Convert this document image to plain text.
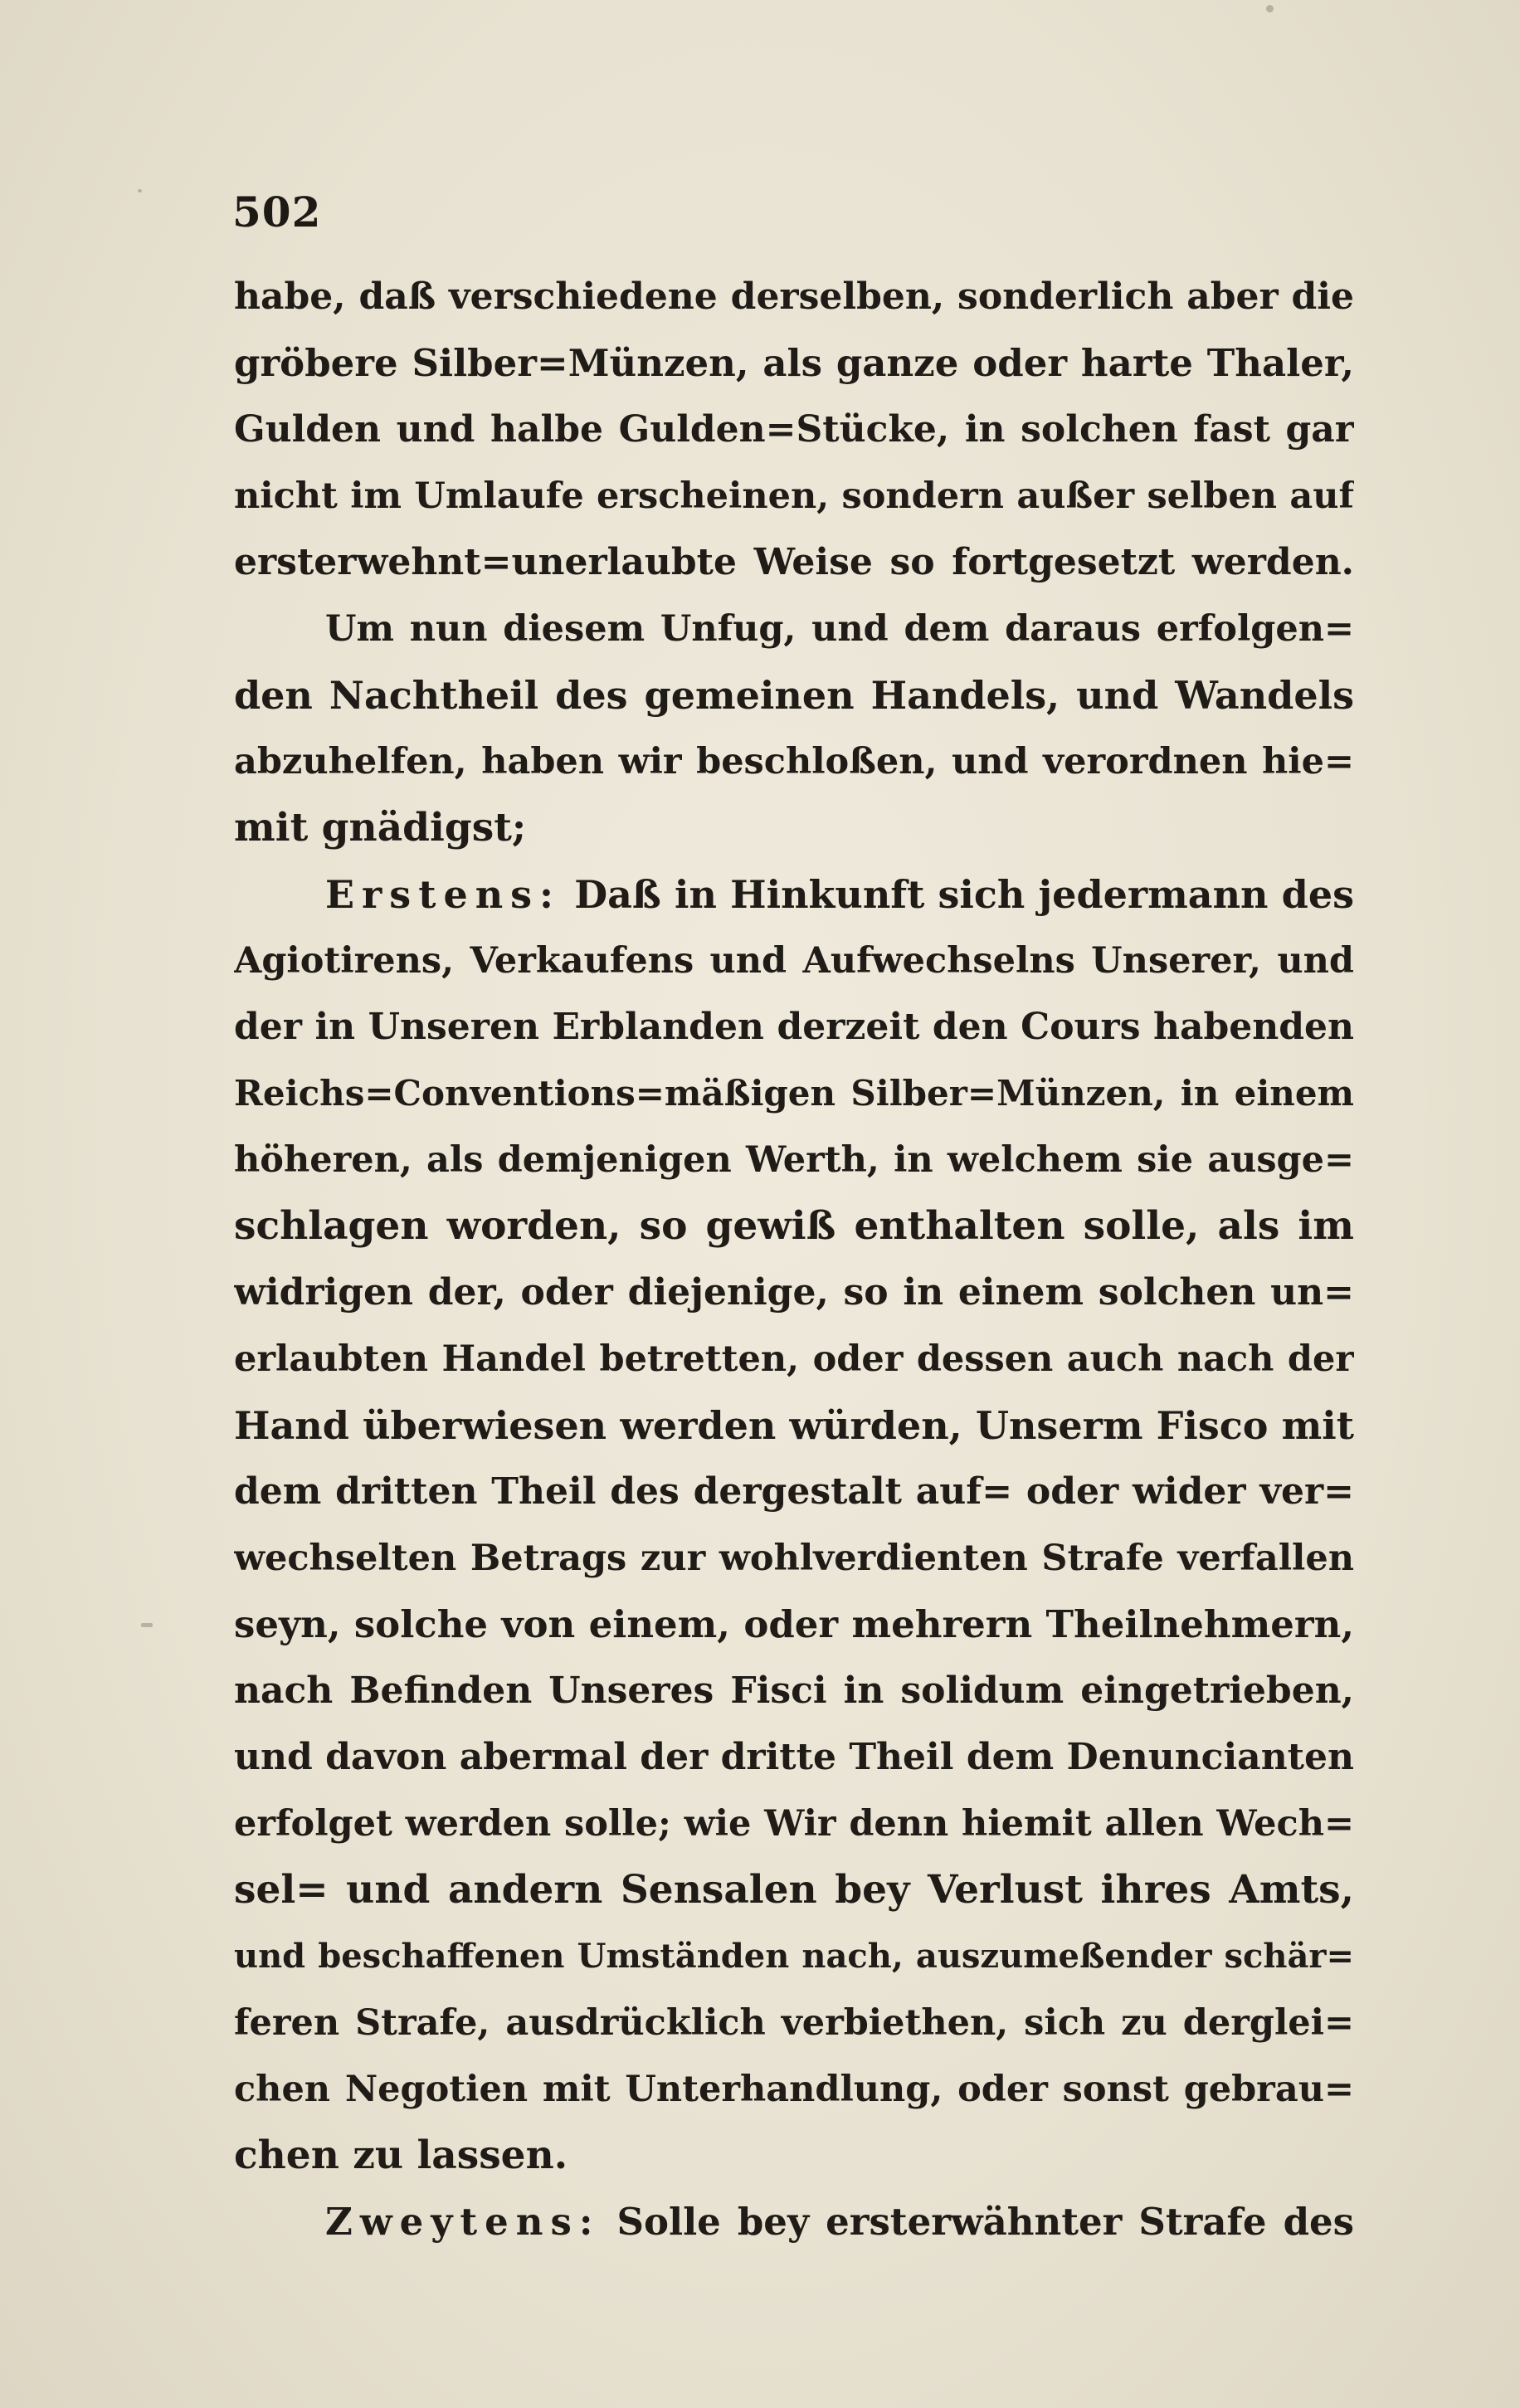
502
habe, daß verschiedene derselben, sonderlich aber die
gröbere Silber=Münzen, als ganze oder harte Thaler,
Gulden und halbe Gulden=Stücke, in solchen fast gar
nicht im Umlaufe erscheinen, sondern außer selben auf
ersterwehnt=unerlaubte Weise so fortgesetzt werden.
Um nun diesem Unfug, und dem daraus erfolgen=
den Nachtheil des gemeinen Handels, und Wandels
abzuhelfen, haben wir beschloßen, und verordnen hie=
mit gnädigst;
Erstens: Daß in Hinkunft sich jedermann des
Agiotirens, Verkaufens und Aufwechselns Unserer, und
der in Unseren Erblanden derzeit den Cours habenden
Reichs=Conventions=mäßigen Silber=Münzen, in einem
höheren, als demjenigen Werth, in welchem sie ausge=
schlagen worden, so gewiß enthalten solle, als im
widrigen der, oder diejenige, so in einem solchen un=
erlaubten Handel betretten, oder dessen auch nach der
Hand überwiesen werden würden, Unserm Fisco mit
dem dritten Theil des dergestalt auf= oder wider ver=
wechselten Betrags zur wohlverdienten Strafe verfallen
seyn, solche von einem, oder mehrern Theilnehmern,
nach Befinden Unseres Fisci in solidum eingetrieben,
und davon abermal der dritte Theil dem Denuncianten
erfolget werden solle; wie Wir denn hiemit allen Wech=
sel= und andern Sensalen bey Verlust ihres Amts,
und beschaffenen Umständen nach, auszumeßender schär=
feren Strafe, ausdrücklich verbiethen, sich zu derglei=
chen Negotien mit Unterhandlung, oder sonst gebrau=
chen zu lassen.
Zweytens: Solle bey ersterwähnter Strafe des
